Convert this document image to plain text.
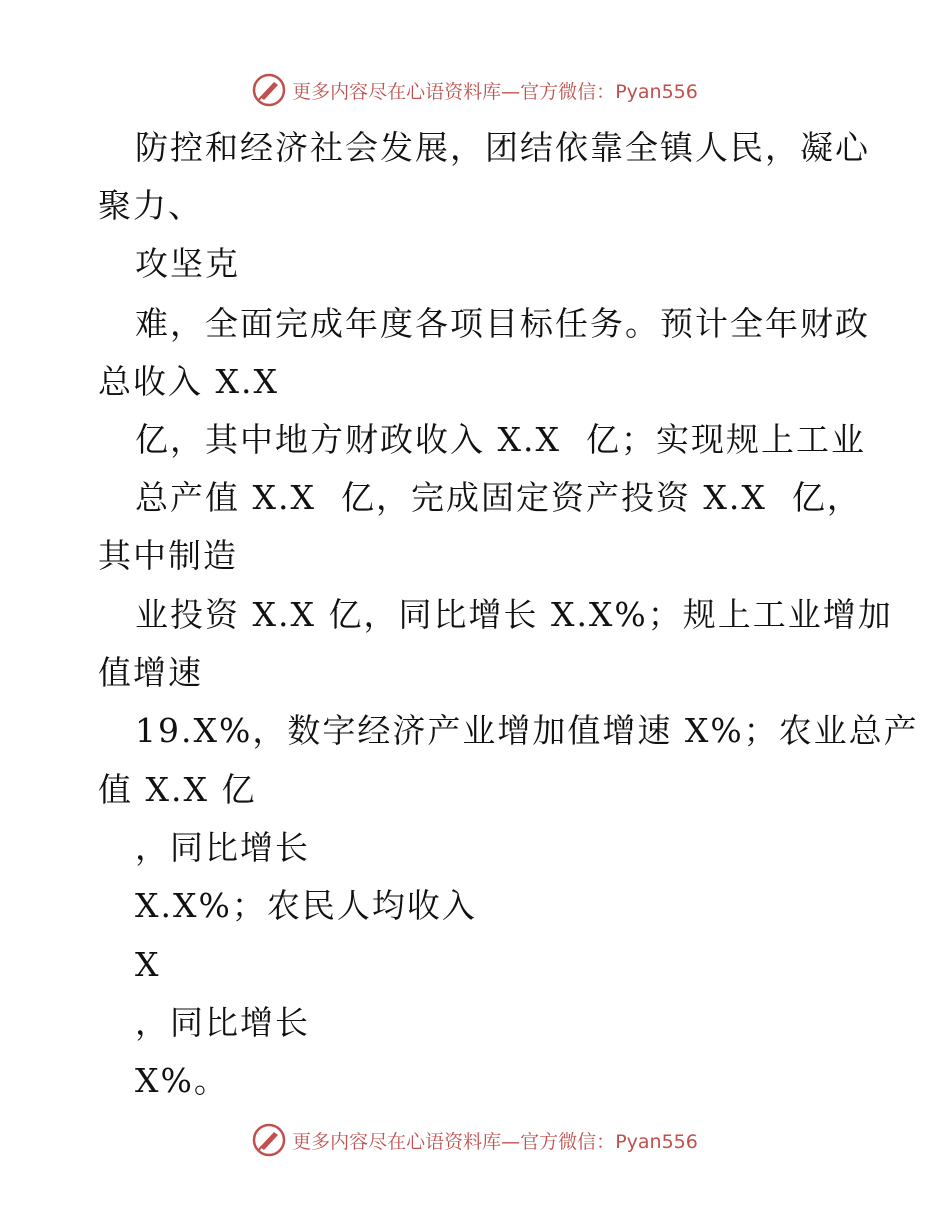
更多内容尽在心语资料库—官方微信：Pyan556
防控和经济社会发展，团结依靠全镇人民，凝心
聚力、
攻坚克
难，全面完成年度各项目标任务。预计全年财政
总收入 X.X
亿，其中地方财政收入 X.X  亿；实现规上工业
总产值 X.X  亿，完成固定资产投资 X.X  亿，
其中制造
业投资 X.X 亿，同比增长 X.X%；规上工业增加
值增速
19.X%，数字经济产业增加值增速 X%；农业总产
值 X.X 亿
，同比增长
X.X%；农民人均收入
X
，同比增长
X%。
更多内容尽在心语资料库—官方微信：Pyan556
